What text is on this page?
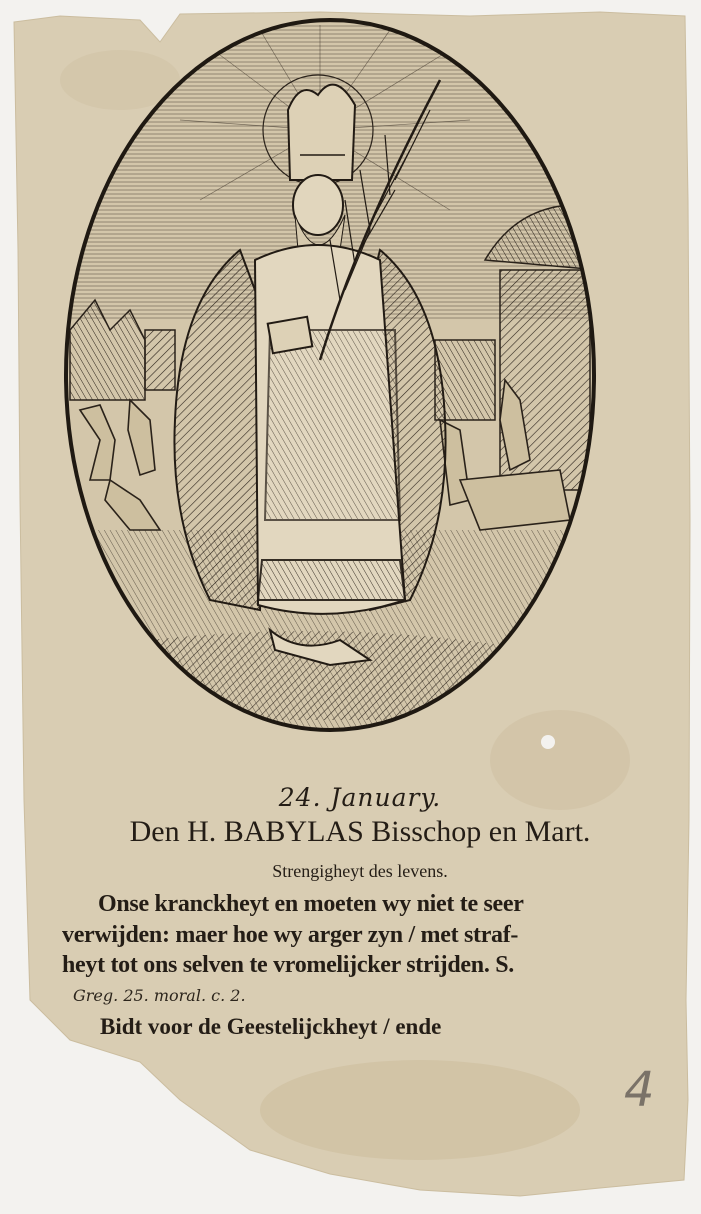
24. January.
Den H. BABYLAS Bisschop en Mart.
Strengigheyt des levens.
Onse kranckheyt en moeten wy niet te seer
verwijden: maer hoe wy arger zyn / met straf-
heyt tot ons selven te vromelijcker strijden. S.
Greg. 25. moral. c. 2.
Bidt voor de Geestelijckheyt / ende
4
